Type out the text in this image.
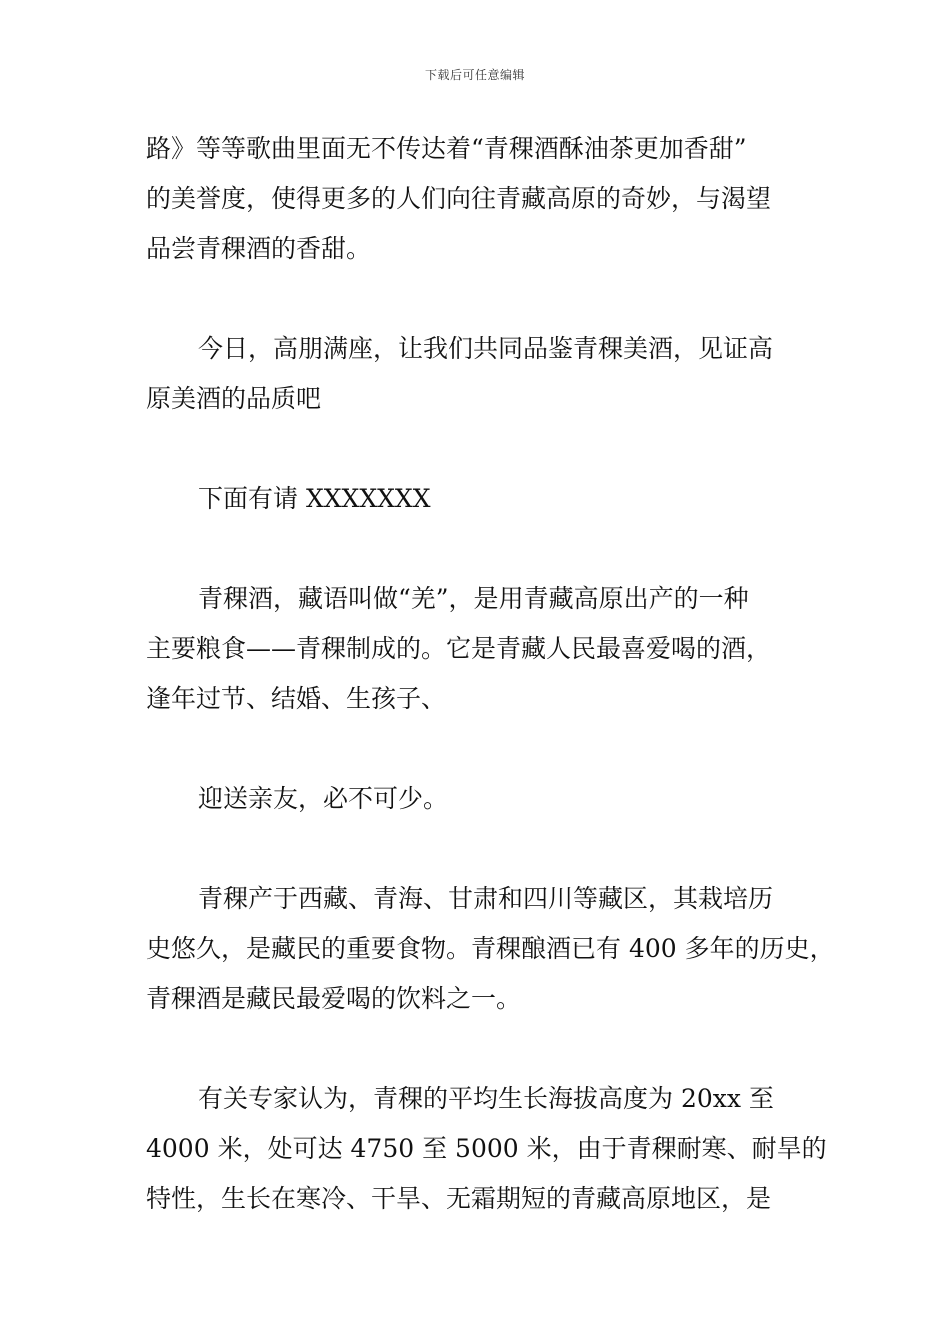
下载后可任意编辑

路》等等歌曲里面无不传达着“青稞酒酥油茶更加香甜”
的美誉度，使得更多的人们向往青藏高原的奇妙，与渴望
品尝青稞酒的香甜。

今日，高朋满座，让我们共同品鉴青稞美酒，见证高
原美酒的品质吧

下面有请 XXXXXXX

青稞酒，藏语叫做“羌”，是用青藏高原出产的一种
主要粮食——青稞制成的。它是青藏人民最喜爱喝的酒，
逢年过节、结婚、生孩子、

迎送亲友，必不可少。

青稞产于西藏、青海、甘肃和四川等藏区，其栽培历
史悠久，是藏民的重要食物。青稞酿酒已有 400 多年的历史，
青稞酒是藏民最爱喝的饮料之一。

有关专家认为，青稞的平均生长海拔高度为 20xx 至
4000 米，处可达 4750 至 5000 米，由于青稞耐寒、耐旱的
特性，生长在寒冷、干旱、无霜期短的青藏高原地区，是
